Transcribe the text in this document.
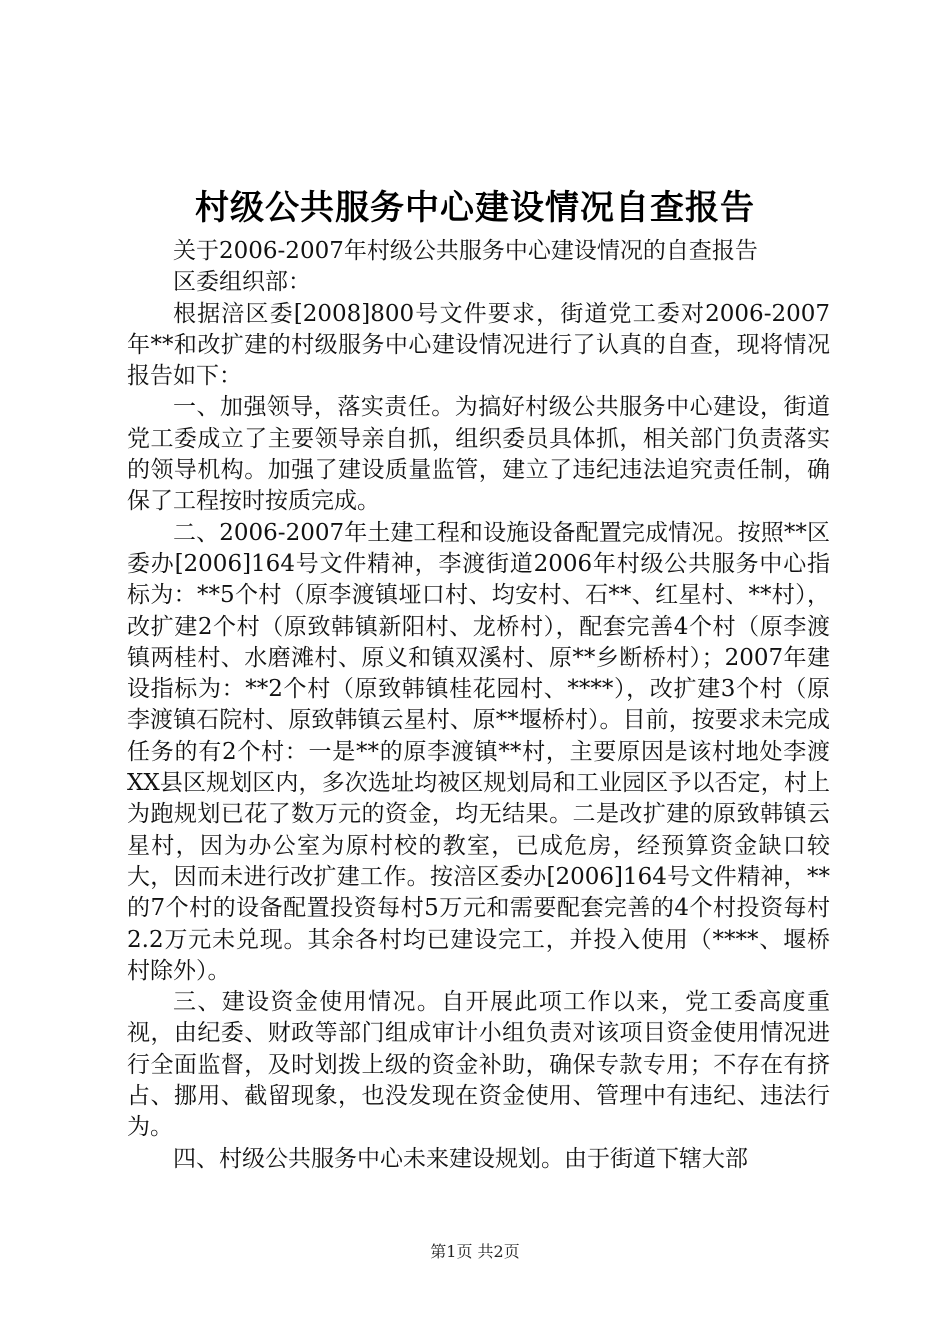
村级公共服务中心建设情况自查报告

关于2006-2007年村级公共服务中心建设情况的自查报告

区委组织部：

根据涪区委[2008]800号文件要求，街道党工委对2006-2007年**和改扩建的村级服务中心建设情况进行了认真的自查，现将情况报告如下：

一、加强领导，落实责任。为搞好村级公共服务中心建设，街道党工委成立了主要领导亲自抓，组织委员具体抓，相关部门负责落实的领导机构。加强了建设质量监管，建立了违纪违法追究责任制，确保了工程按时按质完成。

二、2006-2007年土建工程和设施设备配置完成情况。按照**区委办[2006]164号文件精神，李渡街道2006年村级公共服务中心指标为：**5个村（原李渡镇垭口村、均安村、石**、红星村、**村），改扩建2个村（原致韩镇新阳村、龙桥村），配套完善4个村（原李渡镇两桂村、水磨滩村、原义和镇双溪村、原**乡断桥村）；2007年建设指标为：**2个村（原致韩镇桂花园村、****），改扩建3个村（原李渡镇石院村、原致韩镇云星村、原**堰桥村）。目前，按要求未完成任务的有2个村：一是**的原李渡镇**村，主要原因是该村地处李渡XX县区规划区内，多次选址均被区规划局和工业园区予以否定，村上为跑规划已花了数万元的资金，均无结果。二是改扩建的原致韩镇云星村，因为办公室为原村校的教室，已成危房，经预算资金缺口较大，因而未进行改扩建工作。按涪区委办[2006]164号文件精神，**的7个村的设备配置投资每村5万元和需要配套完善的4个村投资每村2.2万元未兑现。其余各村均已建设完工，并投入使用（****、堰桥村除外）。

三、建设资金使用情况。自开展此项工作以来，党工委高度重视，由纪委、财政等部门组成审计小组负责对该项目资金使用情况进行全面监督，及时划拨上级的资金补助，确保专款专用；不存在有挤占、挪用、截留现象，也没发现在资金使用、管理中有违纪、违法行为。

四、村级公共服务中心未来建设规划。由于街道下辖大部

第1页 共2页
